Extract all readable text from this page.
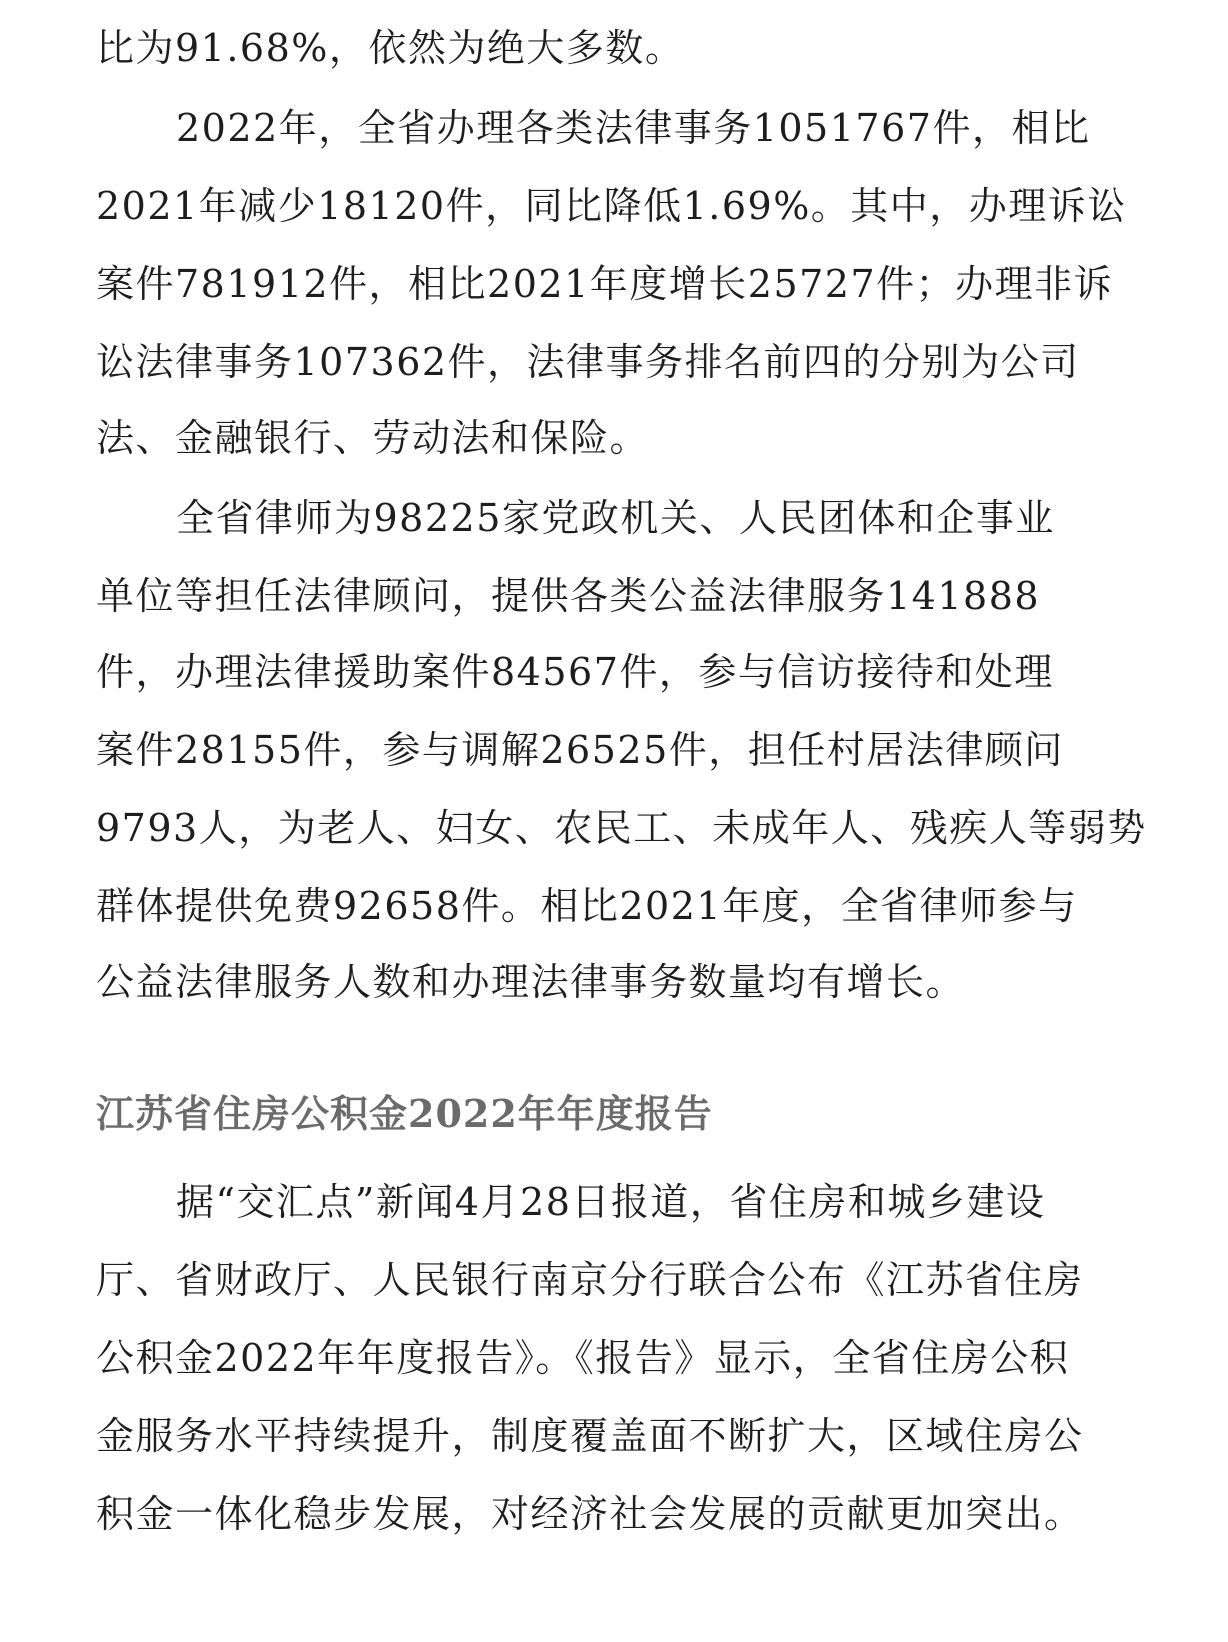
比为91.68%，依然为绝大多数。
2022年，全省办理各类法律事务1051767件，相比
2021年减少18120件，同比降低1.69%。其中，办理诉讼
案件781912件，相比2021年度增长25727件；办理非诉
讼法律事务107362件，法律事务排名前四的分别为公司
法、金融银行、劳动法和保险。
全省律师为98225家党政机关、人民团体和企事业
单位等担任法律顾问，提供各类公益法律服务141888
件，办理法律援助案件84567件，参与信访接待和处理
案件28155件，参与调解26525件，担任村居法律顾问
9793人，为老人、妇女、农民工、未成年人、残疾人等弱势
群体提供免费92658件。相比2021年度，全省律师参与
公益法律服务人数和办理法律事务数量均有增长。
江苏省住房公积金2022年年度报告
据“交汇点”新闻4月28日报道，省住房和城乡建设
厅、省财政厅、人民银行南京分行联合公布《江苏省住房
公积金2022年年度报告》。《报告》显示，全省住房公积
金服务水平持续提升，制度覆盖面不断扩大，区域住房公
积金一体化稳步发展，对经济社会发展的贡献更加突出。
